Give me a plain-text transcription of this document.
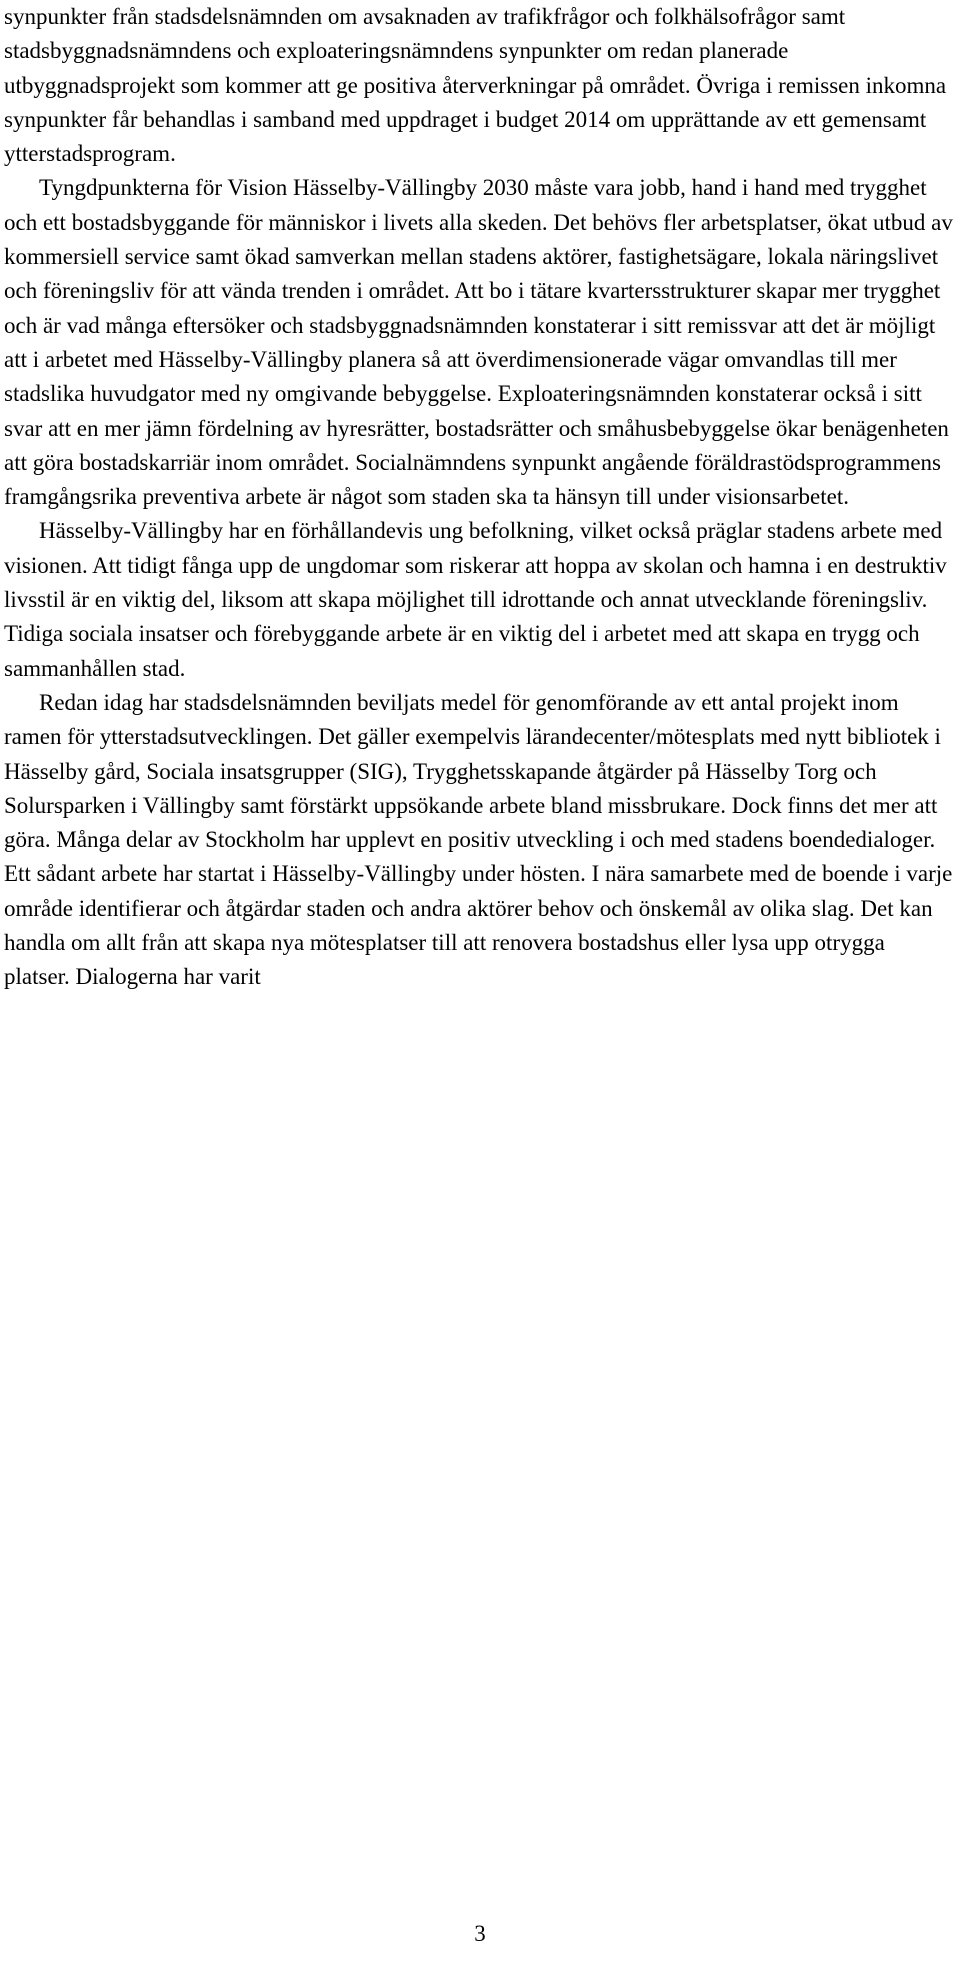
synpunkter från stadsdelsnämnden om avsaknaden av trafikfrågor och folkhälsofrågor samt stadsbyggnadsnämndens och exploateringsnämndens synpunkter om redan planerade utbyggnadsprojekt som kommer att ge positiva återverkningar på området. Övriga i remissen inkomna synpunkter får behandlas i samband med uppdraget i budget 2014 om upprättande av ett gemensamt ytterstadsprogram.

Tyngdpunkterna för Vision Hässelby-Vällingby 2030 måste vara jobb, hand i hand med trygghet och ett bostadsbyggande för människor i livets alla skeden. Det behövs fler arbetsplatser, ökat utbud av kommersiell service samt ökad samverkan mellan stadens aktörer, fastighetsägare, lokala näringslivet och föreningsliv för att vända trenden i området. Att bo i tätare kvartersstrukturer skapar mer trygghet och är vad många eftersöker och stadsbyggnadsnämnden konstaterar i sitt remissvar att det är möjligt att i arbetet med Hässelby-Vällingby planera så att överdimensionerade vägar omvandlas till mer stadslika huvudgator med ny omgivande bebyggelse. Exploateringsnämnden konstaterar också i sitt svar att en mer jämn fördelning av hyresrätter, bostadsrätter och småhusbebyggelse ökar benägenheten att göra bostadskarriär inom området. Socialnämndens synpunkt angående föräldrastödsprogrammens framgångsrika preventiva arbete är något som staden ska ta hänsyn till under visionsarbetet.

Hässelby-Vällingby har en förhållandevis ung befolkning, vilket också präglar stadens arbete med visionen. Att tidigt fånga upp de ungdomar som riskerar att hoppa av skolan och hamna i en destruktiv livsstil är en viktig del, liksom att skapa möjlighet till idrottande och annat utvecklande föreningsliv. Tidiga sociala insatser och förebyggande arbete är en viktig del i arbetet med att skapa en trygg och sammanhållen stad.

Redan idag har stadsdelsnämnden beviljats medel för genomförande av ett antal projekt inom ramen för ytterstadsutvecklingen. Det gäller exempelvis lärandecenter/mötesplats med nytt bibliotek i Hässelby gård, Sociala insatsgrupper (SIG), Trygghetsskapande åtgärder på Hässelby Torg och Solursparken i Vällingby samt förstärkt uppsökande arbete bland missbrukare. Dock finns det mer att göra. Många delar av Stockholm har upplevt en positiv utveckling i och med stadens boendedialoger. Ett sådant arbete har startat i Hässelby-Vällingby under hösten. I nära samarbete med de boende i varje område identifierar och åtgärdar staden och andra aktörer behov och önskemål av olika slag. Det kan handla om allt från att skapa nya mötesplatser till att renovera bostadshus eller lysa upp otrygga platser. Dialogerna har varit

3
